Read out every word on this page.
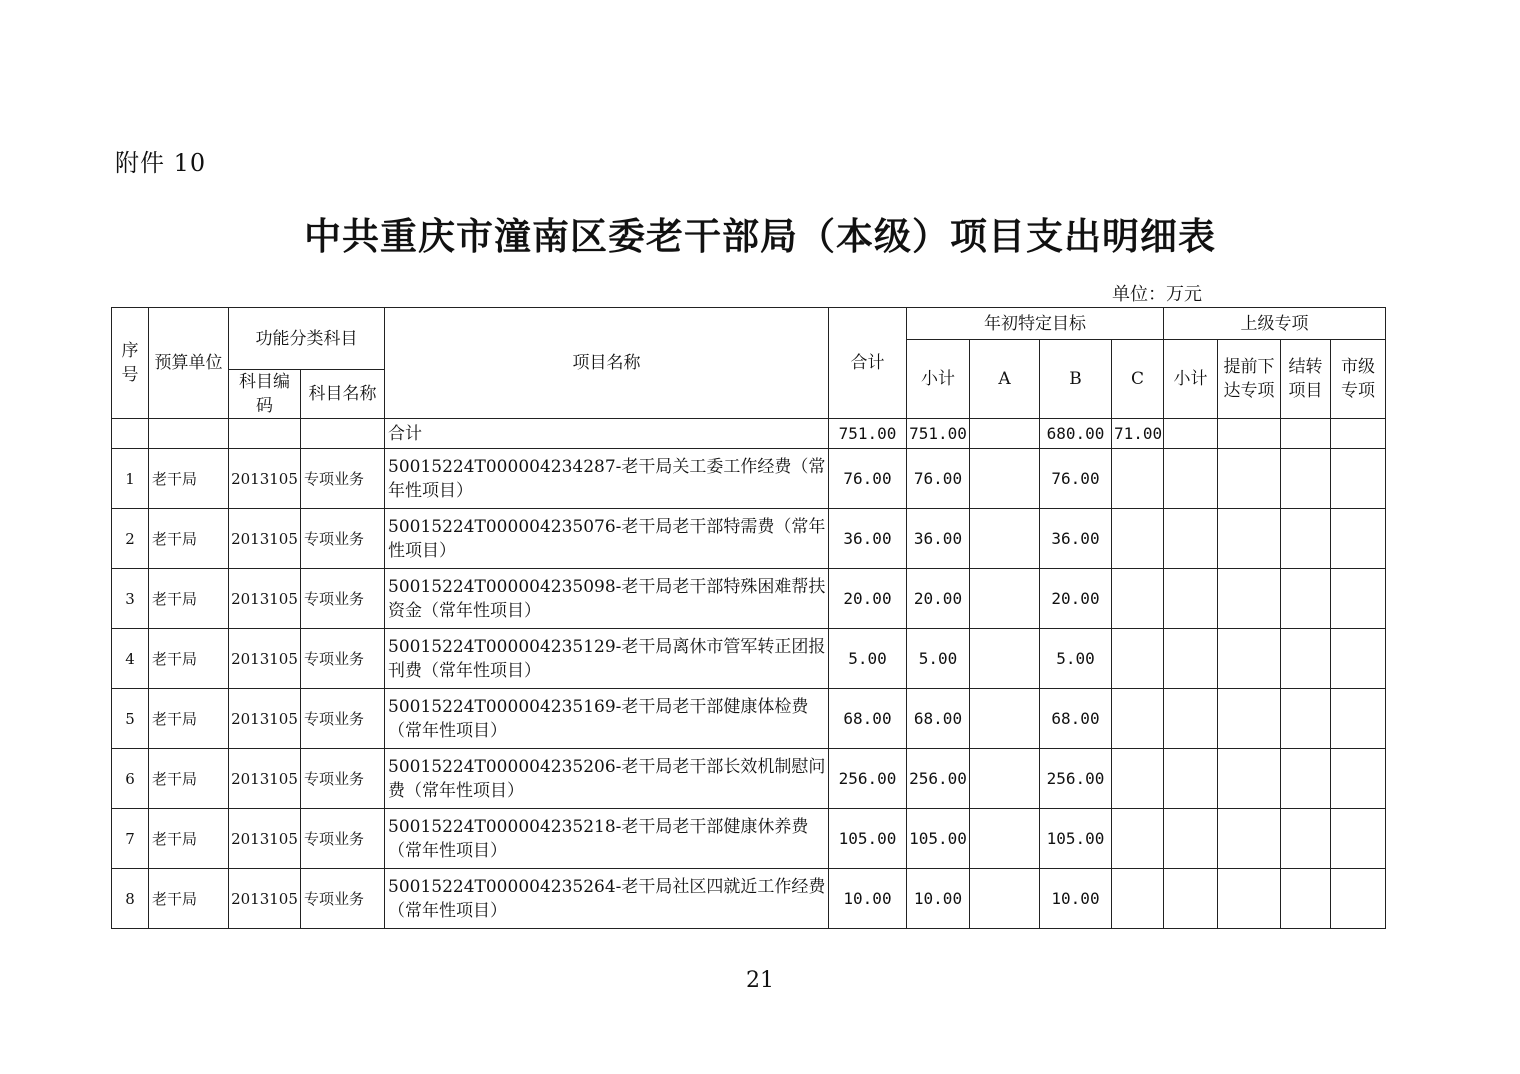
附件 10
中共重庆市潼南区委老干部局（本级）项目支出明细表
单位：万元
序号	预算单位	功能分类科目		项目名称	合计	年初特定目标				上级专项			
						小计	A	B	C	小计	提前下达专项	结转项目	市级专项
		科目编码	科目名称										
				合计	751.00	751.00		680.00	71.00				
1	老干局	2013105	专项业务	50015224T000004234287-老干局关工委工作经费（常年性项目）	76.00	76.00		76.00					
2	老干局	2013105	专项业务	50015224T000004235076-老干局老干部特需费（常年性项目）	36.00	36.00		36.00					
3	老干局	2013105	专项业务	50015224T000004235098-老干局老干部特殊困难帮扶资金（常年性项目）	20.00	20.00		20.00					
4	老干局	2013105	专项业务	50015224T000004235129-老干局离休市管军转正团报刊费（常年性项目）	5.00	5.00		5.00					
5	老干局	2013105	专项业务	50015224T000004235169-老干局老干部健康体检费（常年性项目）	68.00	68.00		68.00					
6	老干局	2013105	专项业务	50015224T000004235206-老干局老干部长效机制慰问费（常年性项目）	256.00	256.00		256.00					
7	老干局	2013105	专项业务	50015224T000004235218-老干局老干部健康休养费（常年性项目）	105.00	105.00		105.00					
8	老干局	2013105	专项业务	50015224T000004235264-老干局社区四就近工作经费（常年性项目）	10.00	10.00		10.00					
21
